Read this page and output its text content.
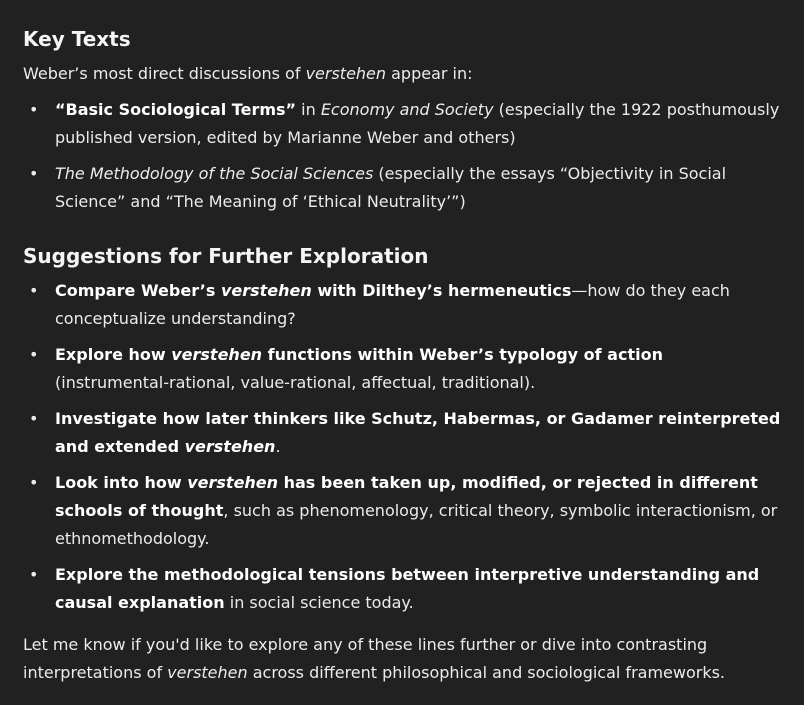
Key Texts

Weber’s most direct discussions of verstehen appear in:

• “Basic Sociological Terms” in Economy and Society (especially the 1922 posthumously published version, edited by Marianne Weber and others)
• The Methodology of the Social Sciences (especially the essays “Objectivity in Social Science” and “The Meaning of ‘Ethical Neutrality’”)
Suggestions for Further Exploration
• Compare Weber’s verstehen with Dilthey’s hermeneutics—how do they each conceptualize understanding?
• Explore how verstehen functions within Weber’s typology of action (instrumental-rational, value-rational, affectual, traditional).
• Investigate how later thinkers like Schutz, Habermas, or Gadamer reinterpreted and extended verstehen.
• Look into how verstehen has been taken up, modified, or rejected in different schools of thought, such as phenomenology, critical theory, symbolic interactionism, or ethnomethodology.
• Explore the methodological tensions between interpretive understanding and causal explanation in social science today.

Let me know if you'd like to explore any of these lines further or dive into contrasting interpretations of verstehen across different philosophical and sociological frameworks.
